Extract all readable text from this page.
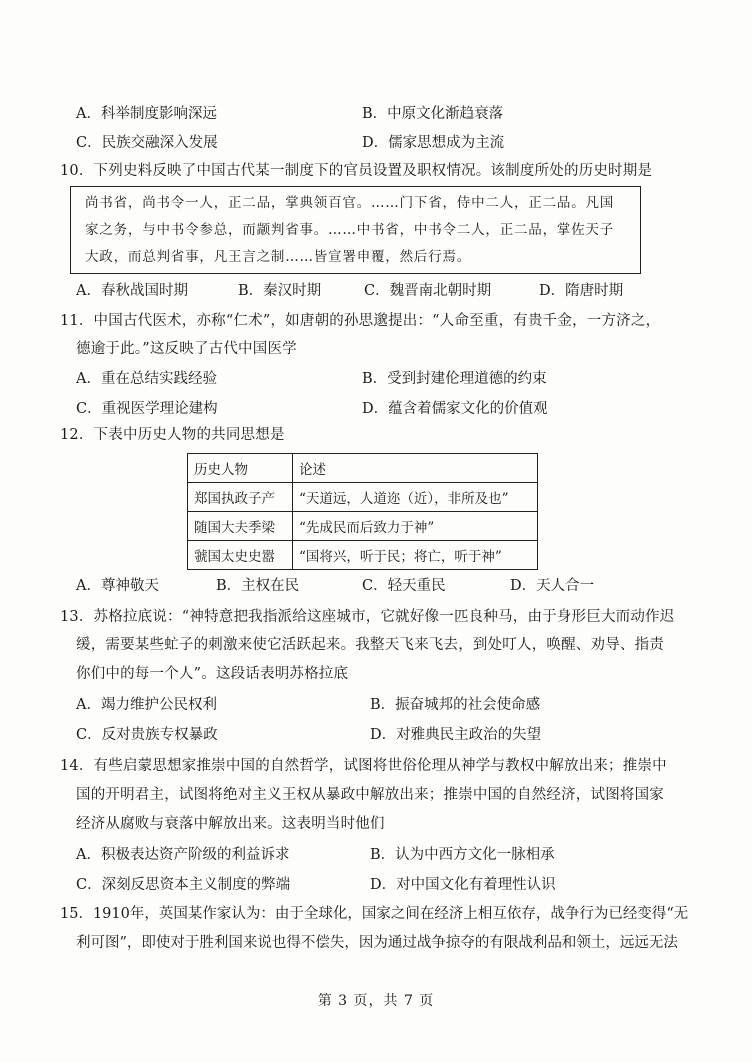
A．科举制度影响深远	B．中原文化渐趋衰落
C．民族交融深入发展	D．儒家思想成为主流
10．下列史料反映了中国古代某一制度下的官员设置及职权情况。该制度所处的历史时期是
尚书省，尚书令一人，正二品，掌典领百官。……门下省，侍中二人，正二品。凡国
家之务，与中书令参总，而颛判省事。……中书省，中书令二人，正二品，掌佐天子
大政，而总判省事，凡王言之制……皆宣署申覆，然后行焉。
A．春秋战国时期	B．秦汉时期	C．魏晋南北朝时期	D．隋唐时期
11．中国古代医术，亦称“仁术”，如唐朝的孙思邈提出：“人命至重，有贵千金，一方济之，
德逾于此。”这反映了古代中国医学
A．重在总结实践经验	B．受到封建伦理道德的约束
C．重视医学理论建构	D．蕴含着儒家文化的价值观
12．下表中历史人物的共同思想是
历史人物	论述
郑国执政子产	“天道远，人道迩（近），非所及也”
随国大夫季梁	“先成民而后致力于神”
虢国太史史嚣	“国将兴，听于民；将亡，听于神”
A．尊神敬天	B．主权在民	C．轻天重民	D．天人合一
13．苏格拉底说：“神特意把我指派给这座城市，它就好像一匹良种马，由于身形巨大而动作迟
缓，需要某些虻子的刺激来使它活跃起来。我整天飞来飞去，到处叮人，唤醒、劝导、指责
你们中的每一个人”。这段话表明苏格拉底
A．竭力维护公民权利	B．振奋城邦的社会使命感
C．反对贵族专权暴政	D．对雅典民主政治的失望
14．有些启蒙思想家推崇中国的自然哲学，试图将世俗伦理从神学与教权中解放出来；推崇中
国的开明君主，试图将绝对主义王权从暴政中解放出来；推崇中国的自然经济，试图将国家
经济从腐败与衰落中解放出来。这表明当时他们
A．积极表达资产阶级的利益诉求	B．认为中西方文化一脉相承
C．深刻反思资本主义制度的弊端	D．对中国文化有着理性认识
15．1910年，英国某作家认为：由于全球化，国家之间在经济上相互依存，战争行为已经变得“无
利可图”，即使对于胜利国来说也得不偿失，因为通过战争掠夺的有限战利品和领土，远远无法
第 3 页，共 7 页
